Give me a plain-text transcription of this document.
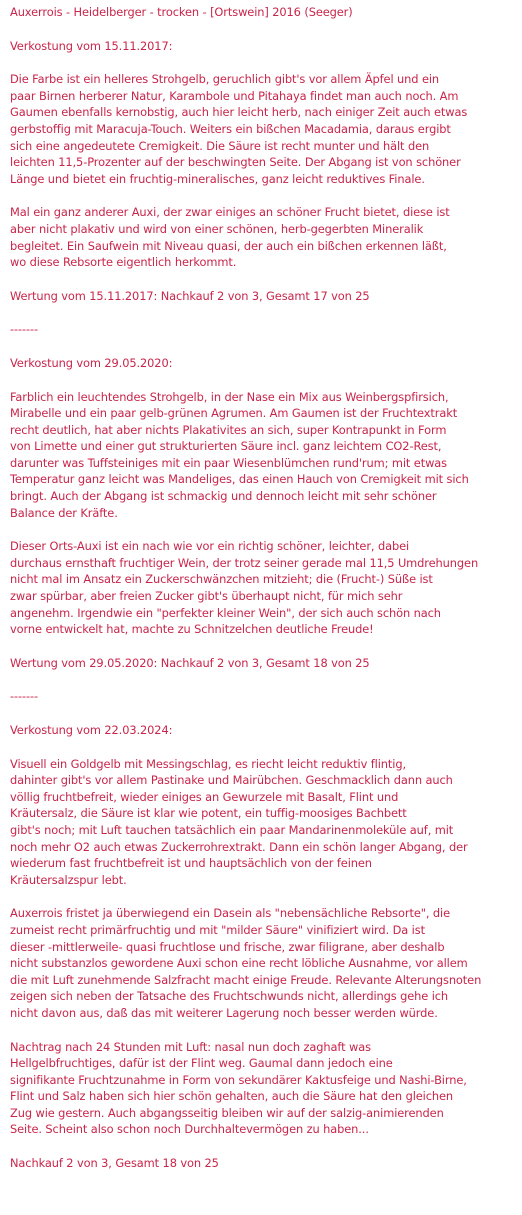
Auxerrois - Heidelberger - trocken - [Ortswein] 2016 (Seeger)

Verkostung vom 15.11.2017:

Die Farbe ist ein helleres Strohgelb, geruchlich gibt's vor allem Äpfel und ein
paar Birnen herberer Natur, Karambole und Pitahaya findet man auch noch. Am
Gaumen ebenfalls kernobstig, auch hier leicht herb, nach einiger Zeit auch etwas
gerbstoffig mit Maracuja-Touch. Weiters ein bißchen Macadamia, daraus ergibt
sich eine angedeutete Cremigkeit. Die Säure ist recht munter und hält den
leichten 11,5-Prozenter auf der beschwingten Seite. Der Abgang ist von schöner
Länge und bietet ein fruchtig-mineralisches, ganz leicht reduktives Finale.

Mal ein ganz anderer Auxi, der zwar einiges an schöner Frucht bietet, diese ist
aber nicht plakativ und wird von einer schönen, herb-gegerbten Mineralik
begleitet. Ein Saufwein mit Niveau quasi, der auch ein bißchen erkennen läßt,
wo diese Rebsorte eigentlich herkommt.

Wertung vom 15.11.2017: Nachkauf 2 von 3, Gesamt 17 von 25

-------

Verkostung vom 29.05.2020:

Farblich ein leuchtendes Strohgelb, in der Nase ein Mix aus Weinbergspfirsich,
Mirabelle und ein paar gelb-grünen Agrumen. Am Gaumen ist der Fruchtextrakt
recht deutlich, hat aber nichts Plakativites an sich, super Kontrapunkt in Form
von Limette und einer gut strukturierten Säure incl. ganz leichtem CO2-Rest,
darunter was Tuffsteiniges mit ein paar Wiesenblümchen rund'rum; mit etwas
Temperatur ganz leicht was Mandeliges, das einen Hauch von Cremigkeit mit sich
bringt. Auch der Abgang ist schmackig und dennoch leicht mit sehr schöner
Balance der Kräfte.

Dieser Orts-Auxi ist ein nach wie vor ein richtig schöner, leichter, dabei
durchaus ernsthaft fruchtiger Wein, der trotz seiner gerade mal 11,5 Umdrehungen
nicht mal im Ansatz ein Zuckerschwänzchen mitzieht; die (Frucht-) Süße ist
zwar spürbar, aber freien Zucker gibt's überhaupt nicht, für mich sehr
angenehm. Irgendwie ein "perfekter kleiner Wein", der sich auch schön nach
vorne entwickelt hat, machte zu Schnitzelchen deutliche Freude!

Wertung vom 29.05.2020: Nachkauf 2 von 3, Gesamt 18 von 25

-------

Verkostung vom 22.03.2024:

Visuell ein Goldgelb mit Messingschlag, es riecht leicht reduktiv flintig,
dahinter gibt's vor allem Pastinake und Mairübchen. Geschmacklich dann auch
völlig fruchtbefreit, wieder einiges an Gewurzele mit Basalt, Flint und
Kräutersalz, die Säure ist klar wie potent, ein tuffig-moosiges Bachbett
gibt's noch; mit Luft tauchen tatsächlich ein paar Mandarinenmoleküle auf, mit
noch mehr O2 auch etwas Zuckerrohrextrakt. Dann ein schön langer Abgang, der
wiederum fast fruchtbefreit ist und hauptsächlich von der feinen
Kräutersalzspur lebt.

Auxerrois fristet ja überwiegend ein Dasein als "nebensächliche Rebsorte", die
zumeist recht primärfruchtig und mit "milder Säure" vinifiziert wird. Da ist
dieser -mittlerweile- quasi fruchtlose und frische, zwar filigrane, aber deshalb
nicht substanzlos gewordene Auxi schon eine recht löbliche Ausnahme, vor allem
die mit Luft zunehmende Salzfracht macht einige Freude. Relevante Alterungsnoten
zeigen sich neben der Tatsache des Fruchtschwunds nicht, allerdings gehe ich
nicht davon aus, daß das mit weiterer Lagerung noch besser werden würde.

Nachtrag nach 24 Stunden mit Luft: nasal nun doch zaghaft was
Hellgelbfruchtiges, dafür ist der Flint weg. Gaumal dann jedoch eine
signifikante Fruchtzunahme in Form von sekundärer Kaktusfeige und Nashi-Birne,
Flint und Salz haben sich hier schön gehalten, auch die Säure hat den gleichen
Zug wie gestern. Auch abgangsseitig bleiben wir auf der salzig-animierenden
Seite. Scheint also schon noch Durchhaltevermögen zu haben...

Nachkauf 2 von 3, Gesamt 18 von 25
